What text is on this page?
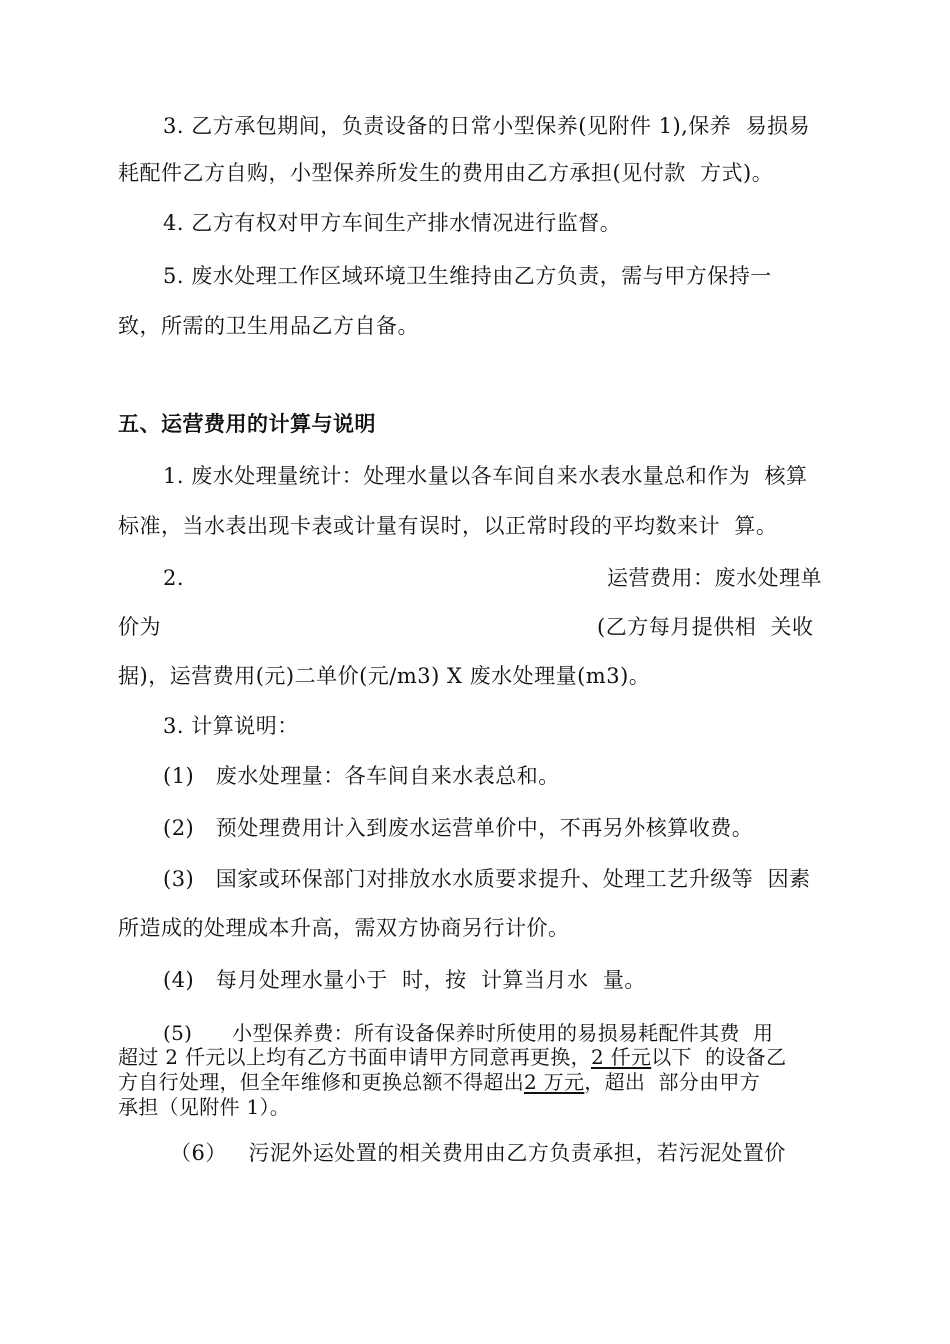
3. 乙方承包期间，负责设备的日常小型保养(见附件 1),保养  易损易
耗配件乙方自购，小型保养所发生的费用由乙方承担(见付款  方式)。
4. 乙方有权对甲方车间生产排水情况进行监督。
5. 废水处理工作区域环境卫生维持由乙方负责，需与甲方保持一
致，所需的卫生用品乙方自备。
五、运营费用的计算与说明
1. 废水处理量统计：处理水量以各车间自来水表水量总和作为  核算
标准，当水表出现卡表或计量有误时，以正常时段的平均数来计  算。
2.	运营费用：废水处理单
价为	(乙方每月提供相  关收
据)，运营费用(元)二单价(元/m3) X 废水处理量(m3)。
3. 计算说明：
(1)   废水处理量：各车间自来水表总和。
(2)   预处理费用计入到废水运营单价中，不再另外核算收费。
(3)   国家或环保部门对排放水水质要求提升、处理工艺升级等  因素
所造成的处理成本升高，需双方协商另行计价。
(4)   每月处理水量小于  时，按  计算当月水  量。
(5)      小型保养费：所有设备保养时所使用的易损易耗配件其费  用
超过 2 仟元以上均有乙方书面申请甲方同意再更换，2 仟元以下  的设备乙
方自行处理，但全年维修和更换总额不得超出2 万元，超出  部分由甲方
承担（见附件 1）。
（6）   污泥外运处置的相关费用由乙方负责承担，若污泥处置价
